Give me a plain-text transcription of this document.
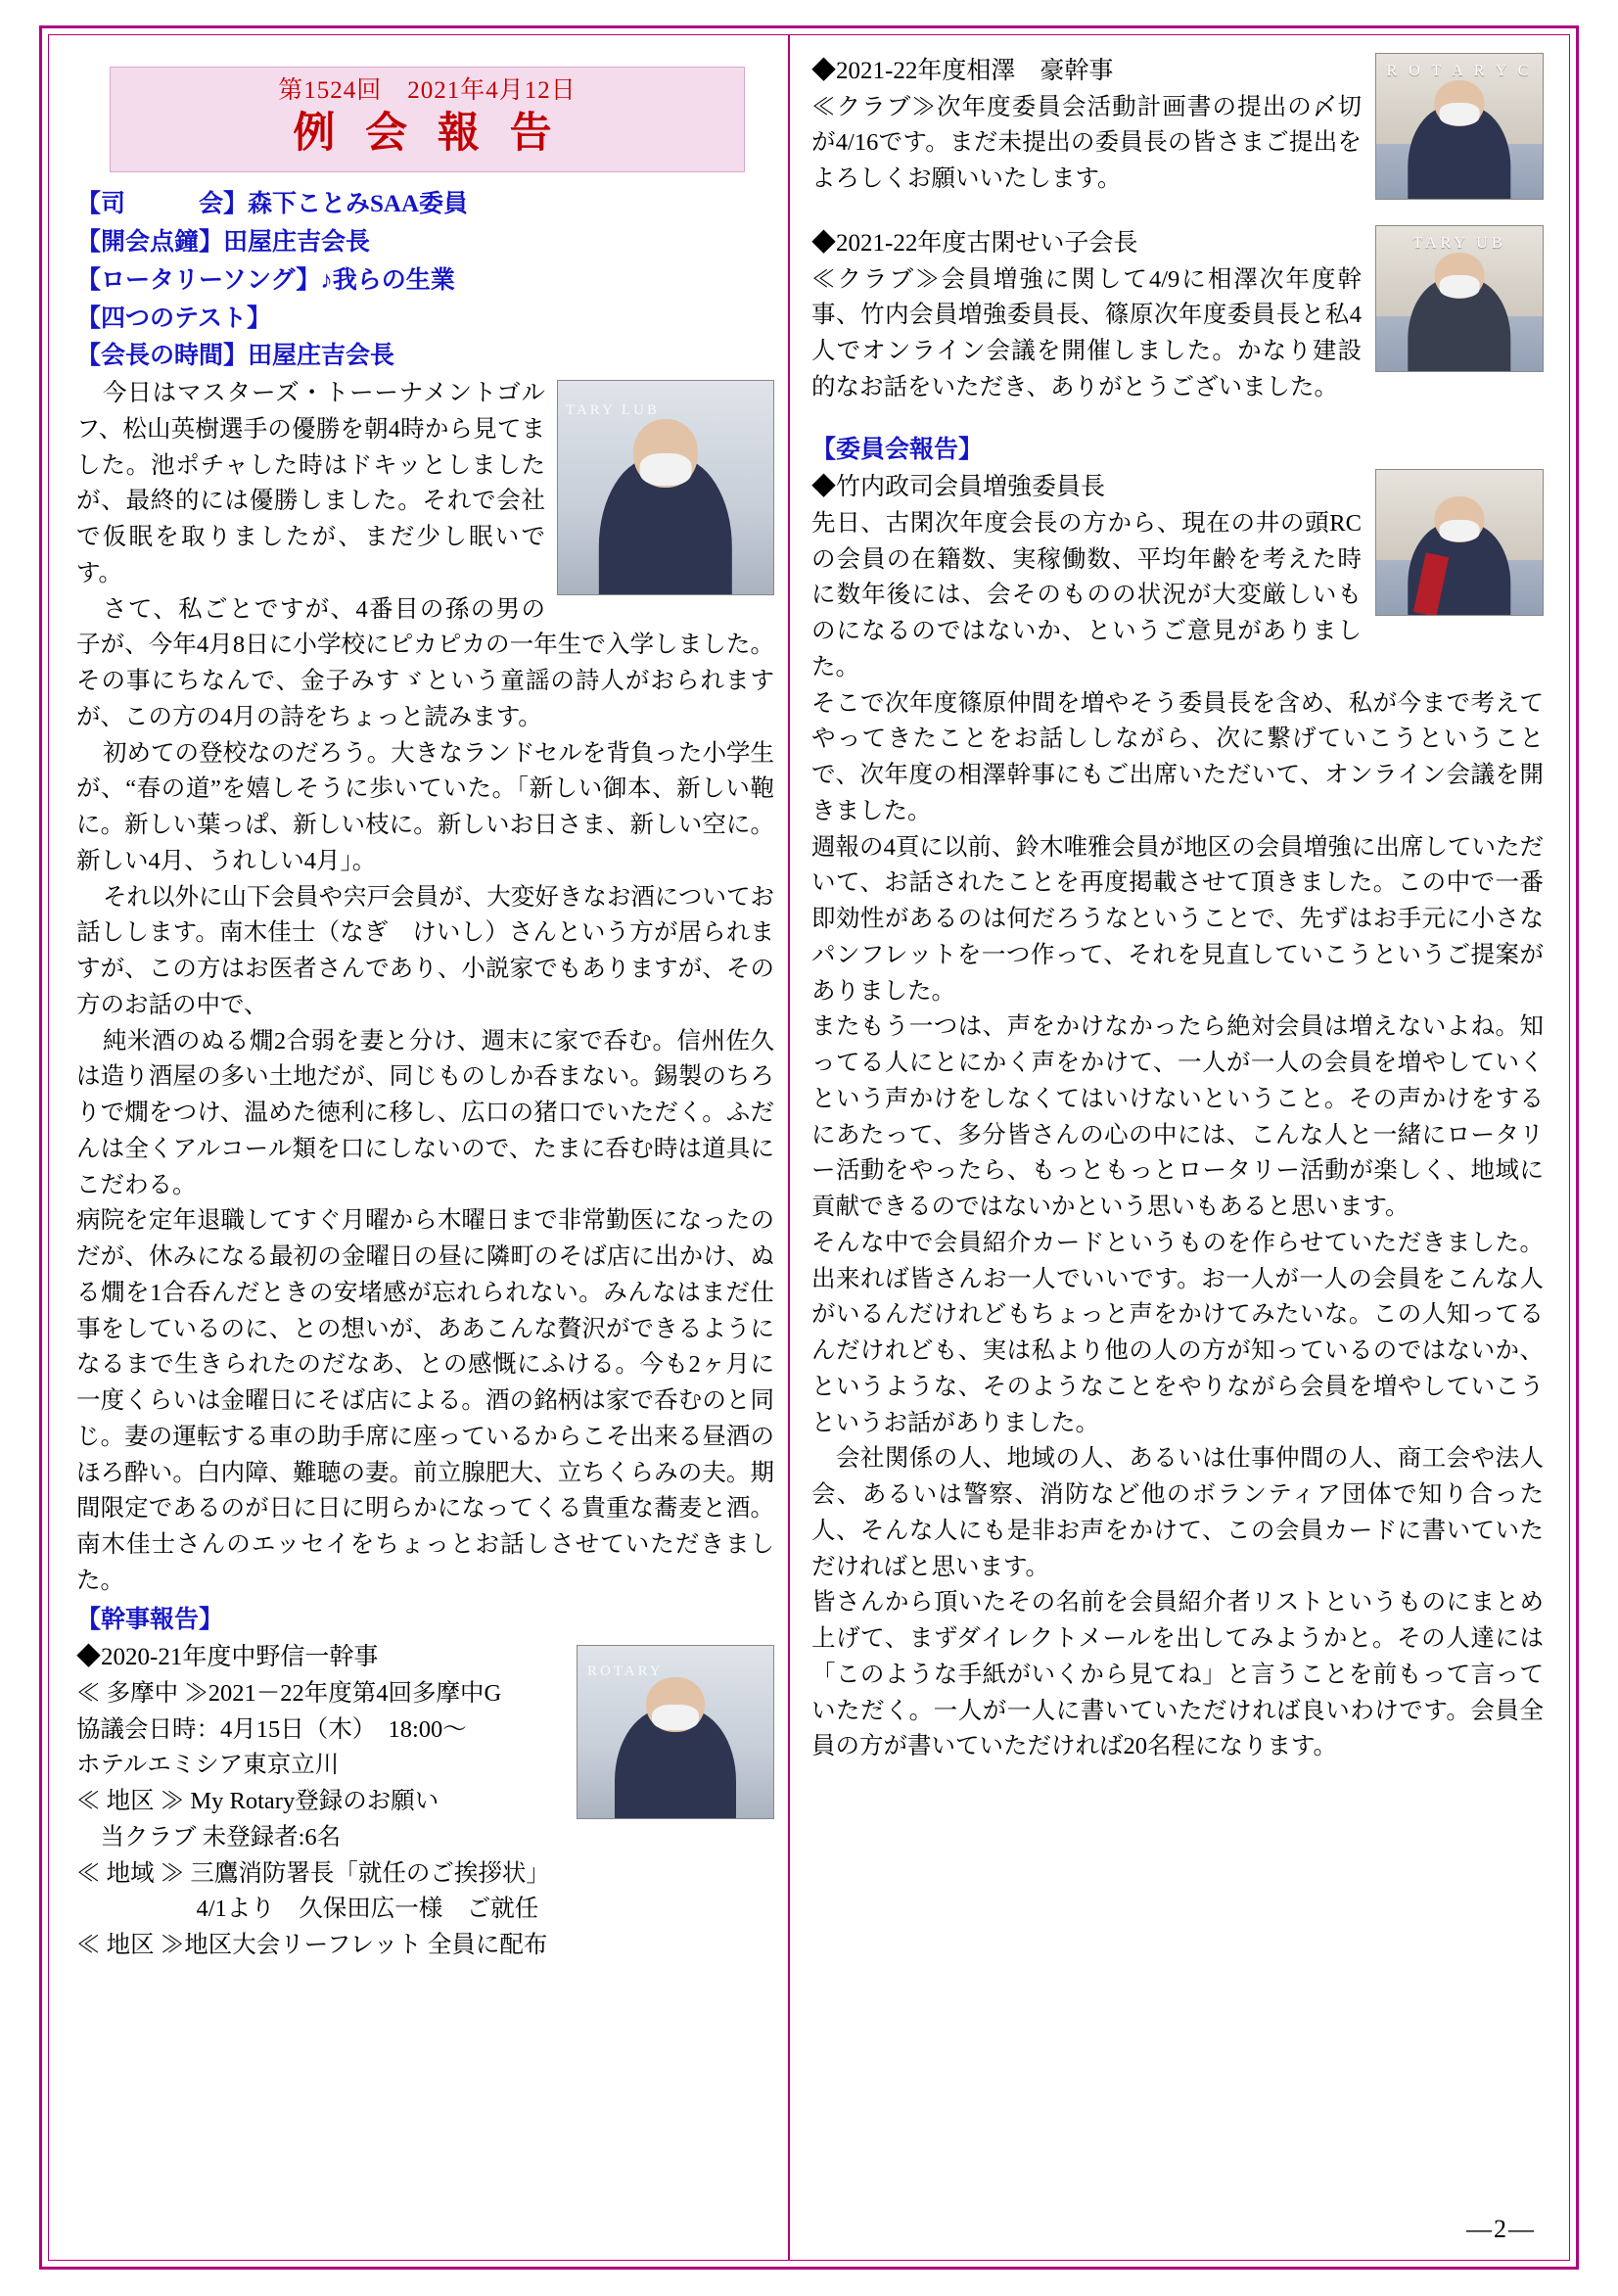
第1524回　2021年4月12日
例 会 報 告
【司　　　会】森下ことみSAA委員
【開会点鐘】田屋庄吉会長
【ロータリーソング】♪我らの生業
【四つのテスト】
【会長の時間】田屋庄吉会長
TARY LUB

今日はマスターズ・トーーナメントゴルフ、松山英樹選手の優勝を朝4時から見てました。池ポチャした時はドキッとしましたが、最終的には優勝しました。それで会社で仮眠を取りましたが、まだ少し眠いです。

さて、私ごとですが、4番目の孫の男の子が、今年4月8日に小学校にピカピカの一年生で入学しました。その事にちなんで、金子みすゞという童謡の詩人がおられますが、この方の4月の詩をちょっと読みます。

初めての登校なのだろう。大きなランドセルを背負った小学生が、“春の道”を嬉しそうに歩いていた。「新しい御本、新しい鞄に。新しい葉っぱ、新しい枝に。新しいお日さま、新しい空に。新しい4月、うれしい4月」。

それ以外に山下会員や宍戸会員が、大変好きなお酒についてお話しします。南木佳士（なぎ　けいし）さんという方が居られますが、この方はお医者さんであり、小説家でもありますが、その方のお話の中で、

純米酒のぬる燗2合弱を妻と分け、週末に家で呑む。信州佐久は造り酒屋の多い土地だが、同じものしか呑まない。錫製のちろりで燗をつけ、温めた徳利に移し、広口の猪口でいただく。ふだんは全くアルコール類を口にしないので、たまに呑む時は道具にこだわる。

病院を定年退職してすぐ月曜から木曜日まで非常勤医になったのだが、休みになる最初の金曜日の昼に隣町のそば店に出かけ、ぬる燗を1合呑んだときの安堵感が忘れられない。みんなはまだ仕事をしているのに、との想いが、ああこんな贅沢ができるようになるまで生きられたのだなあ、との感慨にふける。今も2ヶ月に一度くらいは金曜日にそば店による。酒の銘柄は家で呑むのと同じ。妻の運転する車の助手席に座っているからこそ出来る昼酒のほろ酔い。白内障、難聴の妻。前立腺肥大、立ちくらみの夫。期間限定であるのが日に日に明らかになってくる貴重な蕎麦と酒。南木佳士さんのエッセイをちょっとお話しさせていただきました。

【幹事報告】
ROTARY

◆2020-21年度中野信一幹事

≪ 多摩中 ≫2021－22年度第4回多摩中G

協議会日時：4月15日（木）　18:00～

ホテルエミシア東京立川

≪ 地区 ≫ My Rotary登録のお願い

　当クラブ 未登録者:6名

≪ 地域 ≫ 三鷹消防署長「就任のご挨拶状」

　　　　　4/1より　久保田広一様　ご就任

≪ 地区 ≫地区大会リーフレット 全員に配布

R O T A R Y C

◆2021-22年度相澤　豪幹事

≪クラブ≫次年度委員会活動計画書の提出の〆切が4/16です。まだ未提出の委員長の皆さまご提出をよろしくお願いいたします。

TARY UB

◆2021-22年度古閑せい子会長

≪クラブ≫会員増強に関して4/9に相澤次年度幹事、竹内会員増強委員長、篠原次年度委員長と私4人でオンライン会議を開催しました。かなり建設的なお話をいただき、ありがとうございました。

【委員会報告】

◆竹内政司会員増強委員長

先日、古閑次年度会長の方から、現在の井の頭RCの会員の在籍数、実稼働数、平均年齢を考えた時に数年後には、会そのものの状況が大変厳しいものになるのではないか、というご意見がありました。

そこで次年度篠原仲間を増やそう委員長を含め、私が今まで考えてやってきたことをお話ししながら、次に繋げていこうということで、次年度の相澤幹事にもご出席いただいて、オンライン会議を開きました。

週報の4頁に以前、鈴木唯雅会員が地区の会員増強に出席していただいて、お話されたことを再度掲載させて頂きました。この中で一番即効性があるのは何だろうなということで、先ずはお手元に小さなパンフレットを一つ作って、それを見直していこうというご提案がありました。

またもう一つは、声をかけなかったら絶対会員は増えないよね。知ってる人にとにかく声をかけて、一人が一人の会員を増やしていくという声かけをしなくてはいけないということ。その声かけをするにあたって、多分皆さんの心の中には、こんな人と一緒にロータリー活動をやったら、もっともっとロータリー活動が楽しく、地域に貢献できるのではないかという思いもあると思います。

そんな中で会員紹介カードというものを作らせていただきました。出来れば皆さんお一人でいいです。お一人が一人の会員をこんな人がいるんだけれどもちょっと声をかけてみたいな。この人知ってるんだけれども、実は私より他の人の方が知っているのではないか、というような、そのようなことをやりながら会員を増やしていこうというお話がありました。

　会社関係の人、地域の人、あるいは仕事仲間の人、商工会や法人会、あるいは警察、消防など他のボランティア団体で知り合った人、そんな人にも是非お声をかけて、この会員カードに書いていただければと思います。

皆さんから頂いたその名前を会員紹介者リストというものにまとめ上げて、まずダイレクトメールを出してみようかと。その人達には「このような手紙がいくから見てね」と言うことを前もって言っていただく。一人が一人に書いていただければ良いわけです。会員全員の方が書いていただければ20名程になります。

—2—
